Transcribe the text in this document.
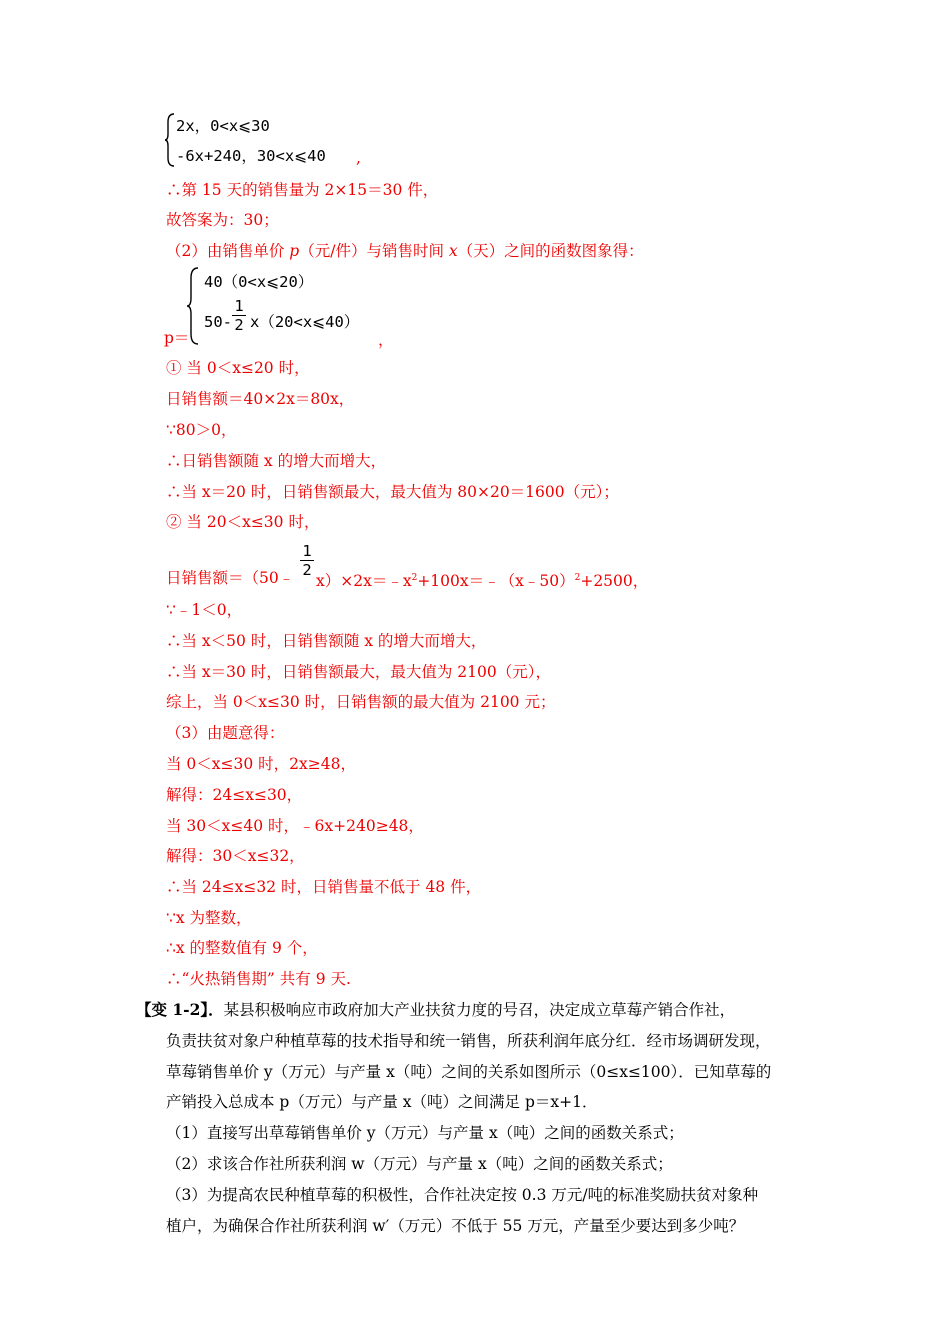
2x，0<x⩽30
-6x+240，30<x⩽40 ,
∴第 15 天的销售量为 2×15＝30 件，
故答案为：30；
（2）由销售单价 p（元/件）与销售时间 x（天）之间的函数图象得：
p＝
40（0<x⩽20）
$50- \frac{1}{2}$ x（20<x⩽40）
，
① 当 0＜x≤20 时，
日销售额＝40×2x＝80x，
∵80＞0，
∴日销售额随 x 的增大而增大，
∴当 x＝20 时，日销售额最大，最大值为 80×20＝1600（元）；
② 当 20＜x≤30 时，
日销售额＝（50﹣ $\frac{1}{2}$
$x)\times 2x=﹣x^2+100x=﹣(x﹣50)^2+2500$，
∵﹣1＜0，
∴当 x＜50 时，日销售额随 x 的增大而增大，
∴当 x＝30 时，日销售额最大，最大值为 2100（元），
综上，当 0＜x≤30 时，日销售额的最大值为 2100 元；
（3）由题意得：
当 0＜x≤30 时，2x≥48，
解得：24≤x≤30，
当 30＜x≤40 时，﹣6x+240≥48，
解得：30＜x≤32，
∴当 24≤x≤32 时，日销售量不低于 48 件，
∵x 为整数，
∴x 的整数值有 9 个，
∴“火热销售期” 共有 9 天.
【变 1-2】．某县积极响应市政府加大产业扶贫力度的号召，决定成立草莓产销合作社，
负责扶贫对象户种植草莓的技术指导和统一销售，所获利润年底分红．经市场调研发现，
草莓销售单价 y（万元）与产量 x（吨）之间的关系如图所示（0≤x≤100）．已知草莓的
产销投入总成本 p（万元）与产量 x（吨）之间满足 p＝x+1．
（1）直接写出草莓销售单价 y（万元）与产量 x（吨）之间的函数关系式；
（2）求该合作社所获利润 w（万元）与产量 x（吨）之间的函数关系式；
（3）为提高农民种植草莓的积极性，合作社决定按 0.3 万元/吨的标准奖励扶贫对象种
植户，为确保合作社所获利润 w′（万元）不低于 55 万元，产量至少要达到多少吨？
